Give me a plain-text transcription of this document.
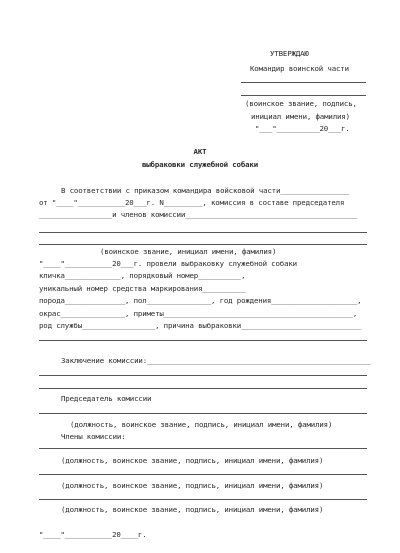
УТВЕРЖДАЮ
Командир воинской части
(воинское звание, подпись,
инициал имени, фамилия)
"___"__________20___г.
АКТ
выбраковки служебной собаки
В соответствии с приказом командира войсковой части________________
от "____"___________20___г. N_________, комиссия в составе председателя
_________________и членов комиссии________________________________________
(воинское звание, инициал имени, фамилия)
"____"___________20___г. провели выбраковку служебной собаки
кличка_____________, порядковый номер__________,
уникальный номер средства маркирования__________
порода______________, пол_______________, год рождения____________________,
окрас_______________, приметы____________________________________________,
род службы_________________, причина выбраковки____________________________
Заключение комиссии:____________________________________________________
Председатель комиссии
(должность, воинское звание, подпись, инициал имени, фамилия)
Члены комиссии:
(должность, воинское звание, подпись, инициал имени, фамилия)
(должность, воинское звание, подпись, инициал имени, фамилия)
(должность, воинское звание, подпись, инициал имени, фамилия)
"____"___________20____г.
